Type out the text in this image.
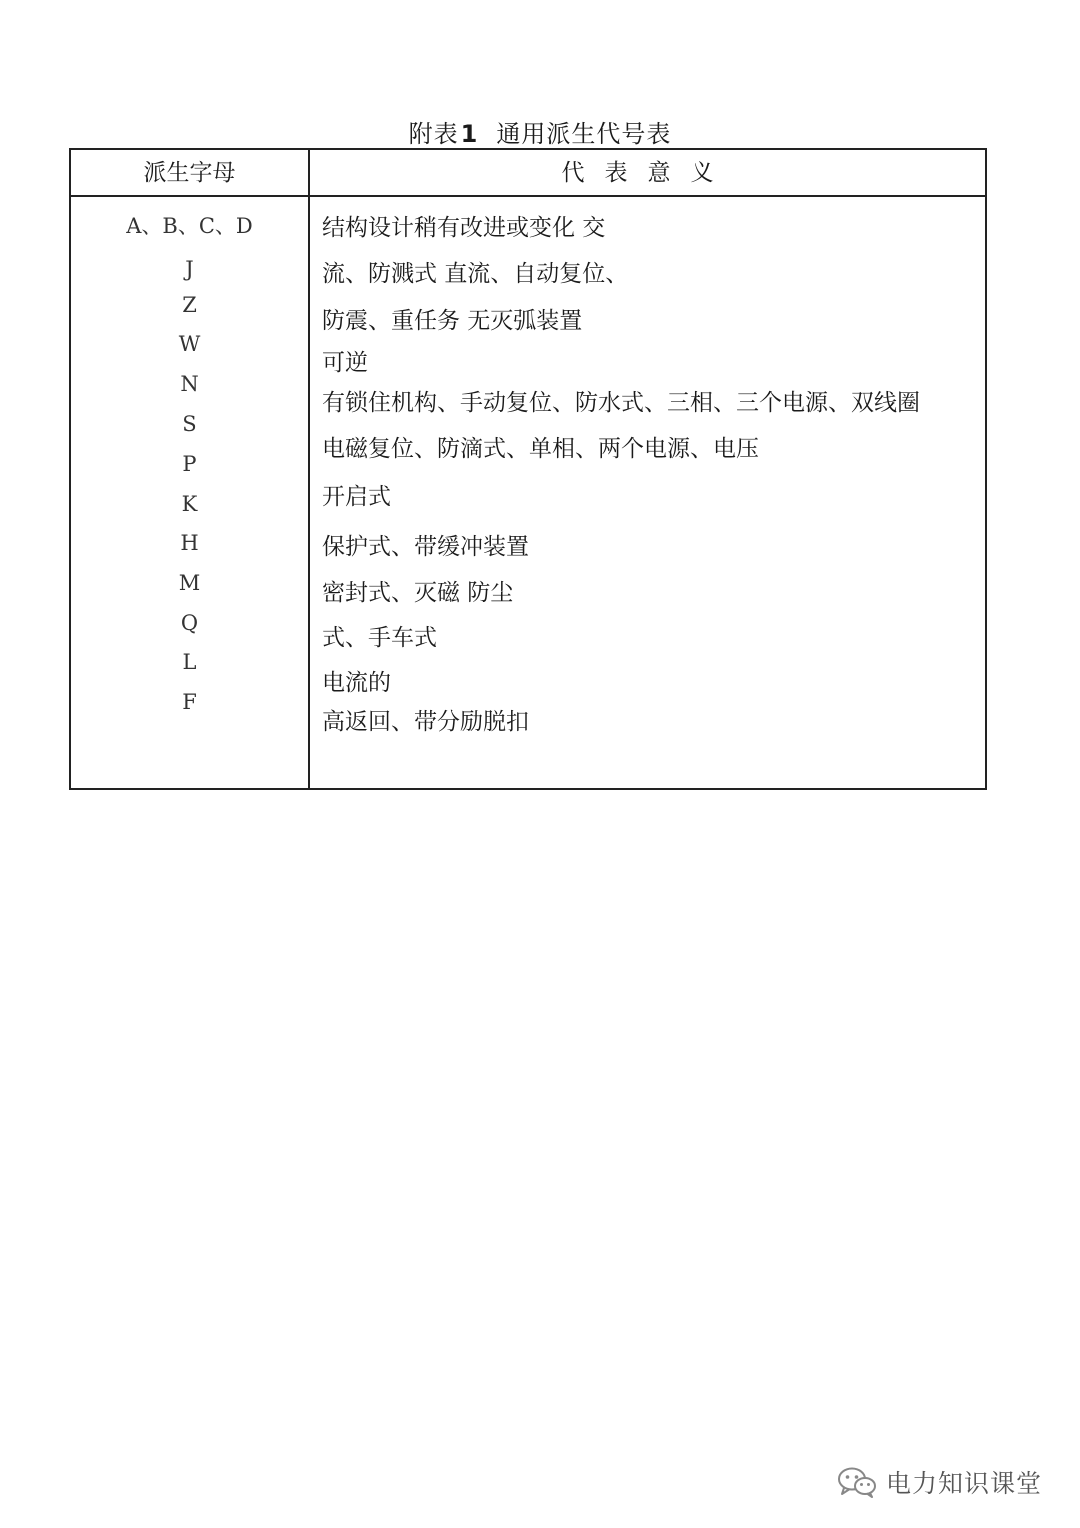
附表1 通用派生代号表
派生字母	代表意义
A、B、C、D
J
Z
W
N
S
P
K
H
M
Q
L
F
结构设计稍有改进或变化 交
流、防溅式 直流、自动复位、
防震、重任务 无灭弧装置
可逆
有锁住机构、手动复位、防水式、三相、三个电源、双线圈
电磁复位、防滴式、单相、两个电源、电压
开启式
保护式、带缓冲装置
密封式、灭磁 防尘
式、手车式
电流的
高返回、带分励脱扣
电力知识课堂
